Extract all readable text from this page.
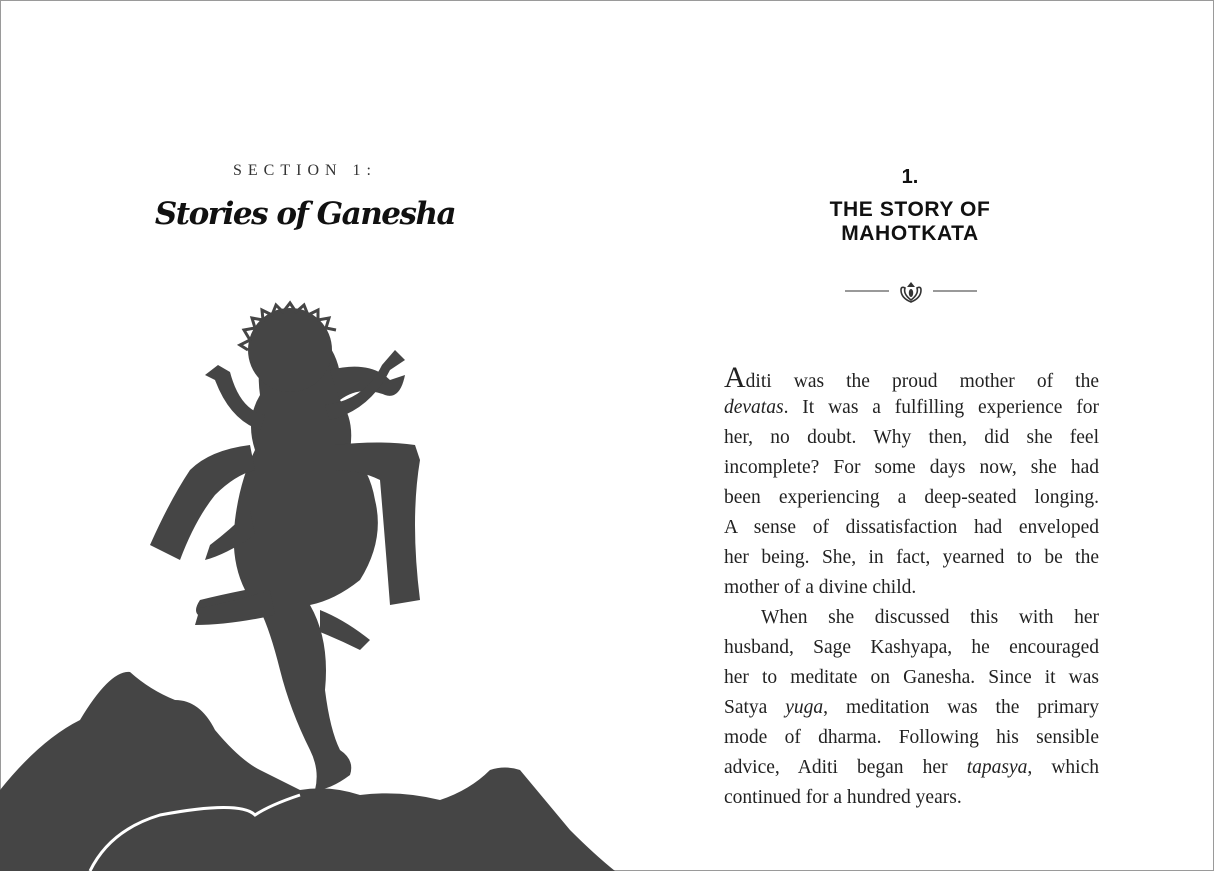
SECTION 1:
Stories of Ganesha
1.
THE STORY OF MAHOTKATA
Aditi was the proud mother of the
devatas. It was a fulfilling experience for
her, no doubt. Why then, did she feel
incomplete? For some days now, she had
been experiencing a deep-seated longing.
A sense of dissatisfaction had enveloped
her being. She, in fact, yearned to be the
mother of a divine child.
When she discussed this with her
husband, Sage Kashyapa, he encouraged
her to meditate on Ganesha. Since it was
Satya yuga, meditation was the primary
mode of dharma. Following his sensible
advice, Aditi began her tapasya, which
continued for a hundred years.
